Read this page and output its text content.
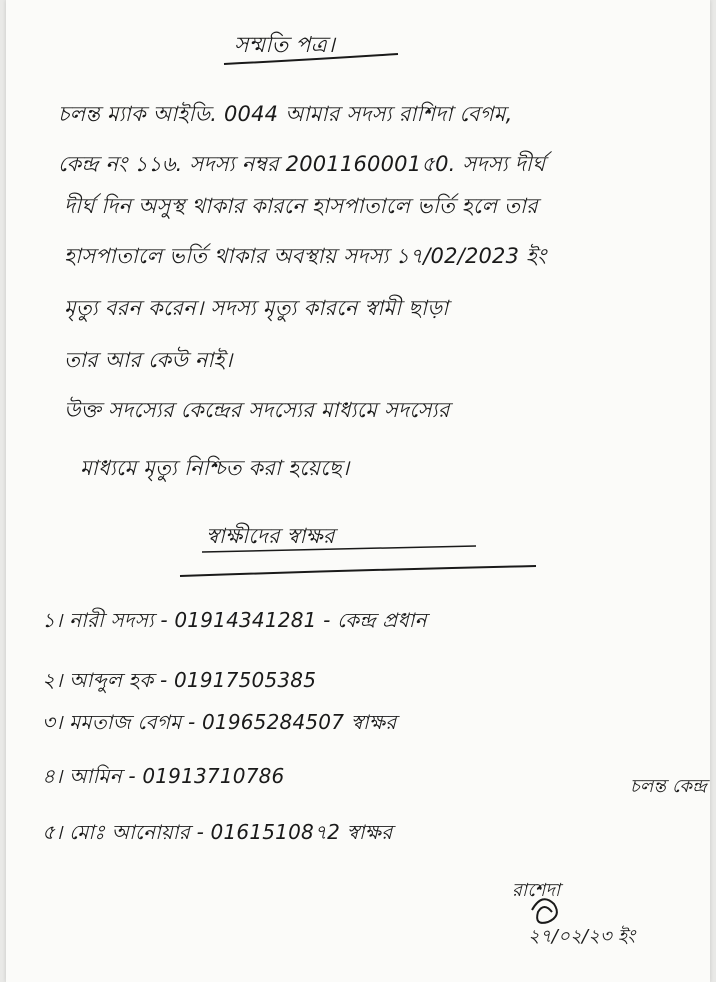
সম্মতি পত্র।
চলন্ত ম্যাক আইডি. 0044 আমার সদস্য রাশিদা বেগম,
কেন্দ্র নং ১১৬. সদস্য নম্বর 2001160001৫0. সদস্য দীর্ঘ
দীর্ঘ দিন অসুস্থ থাকার কারনে হাসপাতালে ভর্তি হলে তার
হাসপাতালে ভর্তি থাকার অবস্থায় সদস্য ১৭/02/2023 ইং
মৃত্যু বরন করেন। সদস্য মৃত্যু কারনে স্বামী ছাড়া
তার আর কেউ নাই।
উক্ত সদস্যের কেন্দ্রের সদস্যের মাধ্যমে সদস্যের
মাধ্যমে মৃত্যু নিশ্চিত করা হয়েছে।
স্বাক্ষীদের স্বাক্ষর
১। নারী সদস্য - 01914341281 - কেন্দ্র প্রধান
২। আব্দুল হক - 01917505385
৩। মমতাজ বেগম - 01965284507 স্বাক্ষর
৪। আমিন - 01913710786	চলন্ত কেন্দ্র
৫। মোঃ আনোয়ার - 01615108৭2 স্বাক্ষর
রাশেদা
২৭/০২/২৩ ইং
